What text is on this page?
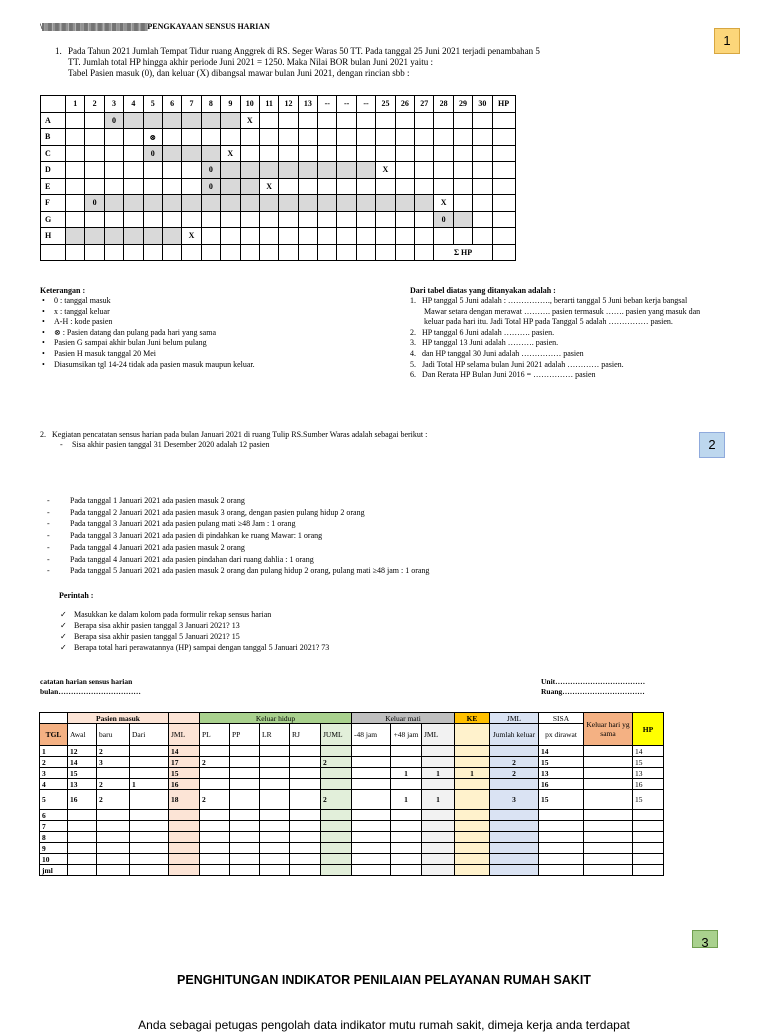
\|||||||||||||||||||||||||||||||||||||||||||||||||||||||||||||||||||||||||||||||||||||||||||PENGKAYAAN SENSUS HARIAN
1
1. Pada Tahun 2021 Jumlah Tempat Tidur ruang Anggrek di RS. Seger Waras 50 TT. Pada tanggal 25 Juni 2021 terjadi penambahan 5
TT. Jumlah total HP hingga akhir periode Juni 2021 = 1250. Maka Nilai BOR bulan Juni 2021 yaitu :
Tabel Pasien masuk (0), dan keluar (X) dibangsal mawar bulan Juni 2021, dengan rincian sbb :
	1	2	3	4	5	6	7	8	9	10	11	12	13	--	--	--	25	26	27	28	29	30	HP
A			0							X													
B					⊗																		
C					0				X														
D								0									X						
E								0			X												
F		0																		X			
G																				0			
H							X																
																				Σ HP			
Keterangan :
• 0 : tanggal masuk
• x : tanggal keluar
• A-H : kode pasien
• ⊗ : Pasien datang dan pulang pada hari yang sama
• Pasien G sampai akhir bulan Juni belum pulang
• Pasien H masuk tanggal 20 Mei
• Diasumsikan tgl 14-24 tidak ada pasien masuk maupun keluar.
Dari tabel diatas yang ditanyakan adalah :
1.   HP tanggal 5 Juni adalah : ……………., berarti tanggal 5 Juni beban kerja bangsal
Mawar setara dengan merawat ………. pasien termasuk ……. pasien yang masuk dan
keluar pada hari itu. Jadi Total HP pada Tanggal 5 adalah …………… pasien.
2.   HP tanggal 6 Juni adalah ………. pasien.
3.   HP tanggal 13 Juni adalah ………. pasien.
4.   dan HP tanggal 30 Juni adalah …………… pasien
5.   Jadi Total HP selama bulan Juni 2021 adalah ………… pasien.
6.   Dan Rerata HP Bulan Juni 2016 = …………… pasien
2
2. Kegiatan pencatatan sensus harian pada bulan Januari 2021 di ruang Tulip RS.Sumber Waras adalah sebagai berikut :
- Sisa akhir pasien tanggal 31 Desember 2020 adalah 12 pasien
- Pada tanggal 1 Januari 2021 ada pasien masuk 2 orang
- Pada tanggal 2 Januari 2021 ada pasien masuk 3 orang, dengan pasien pulang hidup 2 orang
- Pada tanggal 3 Januari 2021 ada pasien pulang mati ≥48 Jam : 1 orang
- Pada tanggal 3 Januari 2021 ada pasien di pindahkan ke ruang Mawar: 1 orang
- Pada tanggal 4 Januari 2021 ada pasien masuk 2 orang
- Pada tanggal 4 Januari 2021 ada pasien pindahan dari ruang dahlia : 1 orang
- Pada tanggal 5 Januari 2021 ada pasien masuk 2 orang dan pulang hidup 2 orang, pulang mati ≥48 jam : 1 orang
Perintah :
✓ Masukkan ke dalam kolom pada formulir rekap sensus harian
✓ Berapa sisa akhir pasien tanggal 3 Januari 2021? 13
✓ Berapa sisa akhir pasien tanggal 5 Januari 2021? 15
✓ Berapa total hari perawatannya (HP) sampai dengan tanggal 5 Januari 2021? 73
catatan harian sensus harian
bulan……………………………
Unit………………………………
Ruang……………………………
	Pasien masuk				Keluar hidup					Keluar mati			KE	JML	SISA	Keluar hari yg sama	HP
TGL	Awal	baru	Dari	JML	PL	PP	LR	RJ	JUML	-48 jam	+48 jam	JML		Jumlah keluar	px dirawat		
1	12	2		14											14		14
2	14	3		17	2				2					2	15		15
3	15			15							1	1	1	2	13		13
4	13	2	1	16											16		16
5	16	2		18	2				2		1	1		3	15		15
6																	
7																	
8																	
9																	
10																	
jml																	
3
PENGHITUNGAN INDIKATOR PENILAIAN PELAYANAN RUMAH SAKIT
Anda sebagai petugas pengolah data indikator mutu rumah sakit, dimeja kerja anda terdapat
